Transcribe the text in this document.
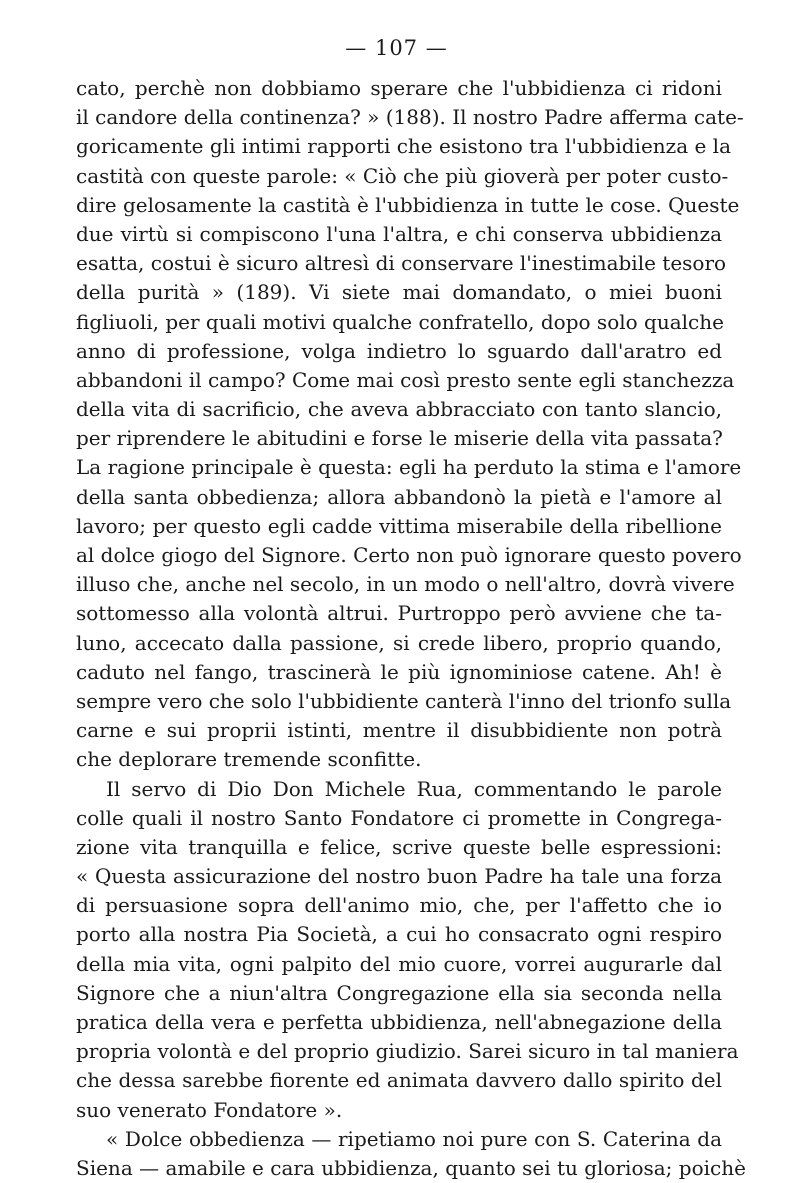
— 107 —
cato, perchè non dobbiamo sperare che l'ubbidienza ci ridoni
il candore della continenza? » (188). Il nostro Padre afferma cate-
goricamente gli intimi rapporti che esistono tra l'ubbidienza e la
castità con queste parole: « Ciò che più gioverà per poter custo-
dire gelosamente la castità è l'ubbidienza in tutte le cose. Queste
due virtù si compiscono l'una l'altra, e chi conserva ubbidienza
esatta, costui è sicuro altresì di conservare l'inestimabile tesoro
della purità » (189). Vi siete mai domandato, o miei buoni
figliuoli, per quali motivi qualche confratello, dopo solo qualche
anno di professione, volga indietro lo sguardo dall'aratro ed
abbandoni il campo? Come mai così presto sente egli stanchezza
della vita di sacrificio, che aveva abbracciato con tanto slancio,
per riprendere le abitudini e forse le miserie della vita passata?
La ragione principale è questa: egli ha perduto la stima e l'amore
della santa obbedienza; allora abbandonò la pietà e l'amore al
lavoro; per questo egli cadde vittima miserabile della ribellione
al dolce giogo del Signore. Certo non può ignorare questo povero
illuso che, anche nel secolo, in un modo o nell'altro, dovrà vivere
sottomesso alla volontà altrui. Purtroppo però avviene che ta-
luno, accecato dalla passione, si crede libero, proprio quando,
caduto nel fango, trascinerà le più ignominiose catene. Ah! è
sempre vero che solo l'ubbidiente canterà l'inno del trionfo sulla
carne e sui proprii istinti, mentre il disubbidiente non potrà
che deplorare tremende sconfitte.
Il servo di Dio Don Michele Rua, commentando le parole
colle quali il nostro Santo Fondatore ci promette in Congrega-
zione vita tranquilla e felice, scrive queste belle espressioni:
« Questa assicurazione del nostro buon Padre ha tale una forza
di persuasione sopra dell'animo mio, che, per l'affetto che io
porto alla nostra Pia Società, a cui ho consacrato ogni respiro
della mia vita, ogni palpito del mio cuore, vorrei augurarle dal
Signore che a niun'altra Congregazione ella sia seconda nella
pratica della vera e perfetta ubbidienza, nell'abnegazione della
propria volontà e del proprio giudizio. Sarei sicuro in tal maniera
che dessa sarebbe fiorente ed animata davvero dallo spirito del
suo venerato Fondatore ».
« Dolce obbedienza — ripetiamo noi pure con S. Caterina da
Siena — amabile e cara ubbidienza, quanto sei tu gloriosa; poichè
